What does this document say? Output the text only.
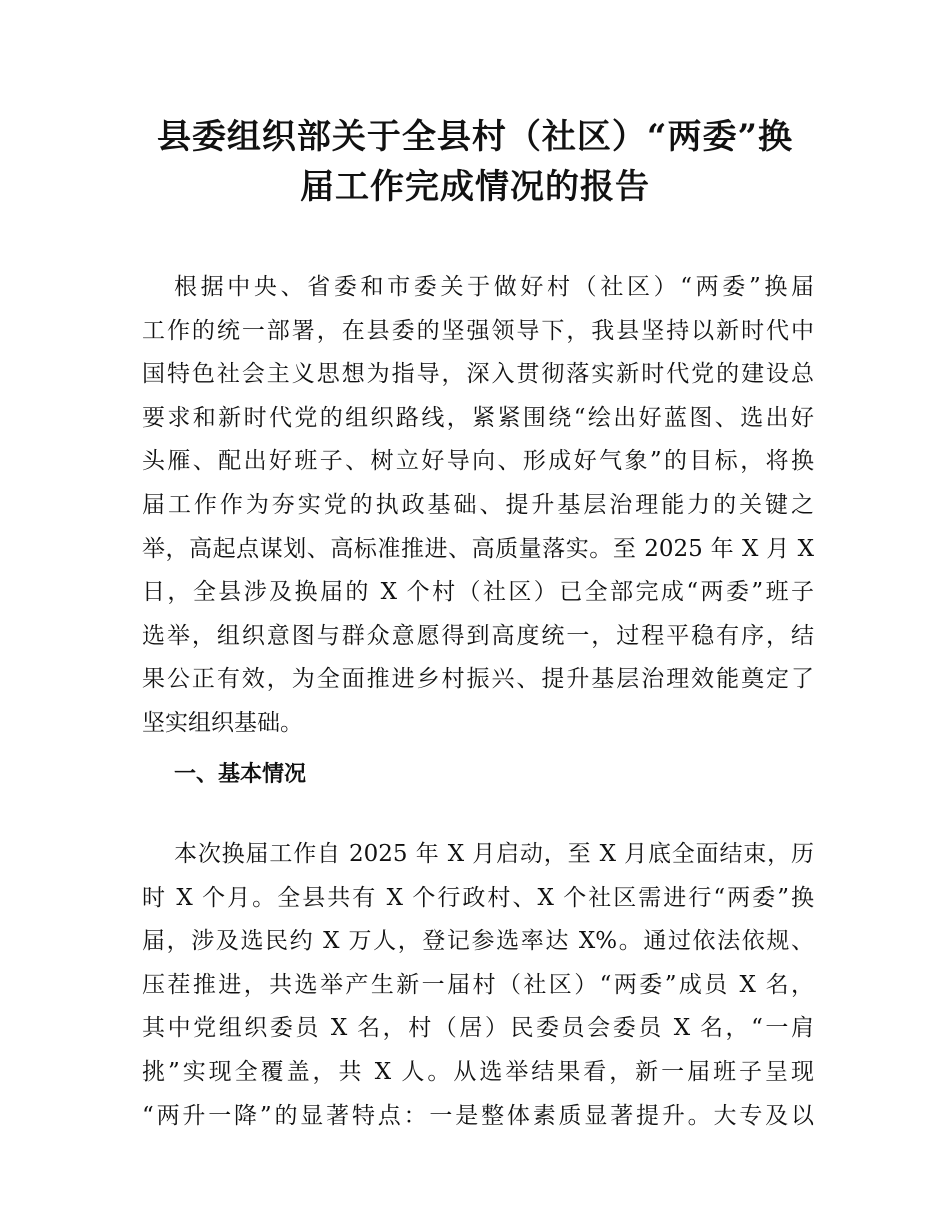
县委组织部关于全县村（社区）“两委”换
届工作完成情况的报告
根据中央、省委和市委关于做好村（社区）“两委”换届
工作的统一部署，在县委的坚强领导下，我县坚持以新时代中
国特色社会主义思想为指导，深入贯彻落实新时代党的建设总
要求和新时代党的组织路线，紧紧围绕“绘出好蓝图、选出好
头雁、配出好班子、树立好导向、形成好气象”的目标，将换
届工作作为夯实党的执政基础、提升基层治理能力的关键之
举，高起点谋划、高标准推进、高质量落实。至 2025 年 X 月 X
日，全县涉及换届的 X 个村（社区）已全部完成“两委”班子
选举，组织意图与群众意愿得到高度统一，过程平稳有序，结
果公正有效，为全面推进乡村振兴、提升基层治理效能奠定了
坚实组织基础。
一、基本情况
本次换届工作自 2025 年 X 月启动，至 X 月底全面结束，历
时 X 个月。全县共有 X 个行政村、X 个社区需进行“两委”换
届，涉及选民约 X 万人，登记参选率达 X%。通过依法依规、
压茬推进，共选举产生新一届村（社区）“两委”成员 X 名，
其中党组织委员 X 名，村（居）民委员会委员 X 名，“一肩
挑”实现全覆盖，共 X 人。从选举结果看，新一届班子呈现
“两升一降”的显著特点：一是整体素质显著提升。大专及以
